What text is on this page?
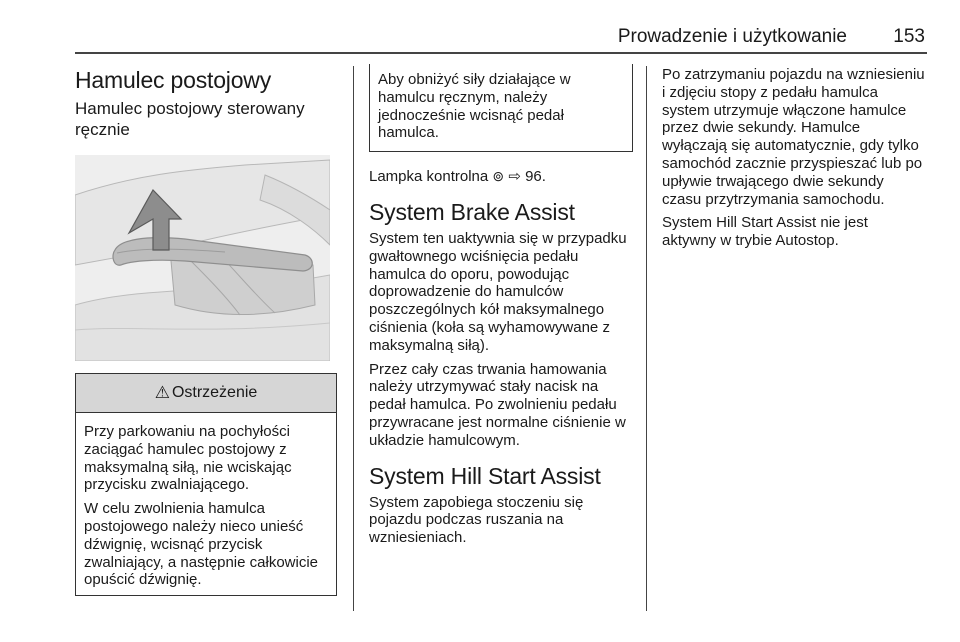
Prowadzenie i użytkowanie 153
Hamulec postojowy
Hamulec postojowy sterowany ręcznie
⚠ Ostrzeżenie

Przy parkowaniu na pochyłości zaciągać hamulec postojowy z maksymalną siłą, nie wciskając przycisku zwalniającego.

W celu zwolnienia hamulca postojowego należy nieco unieść dźwignię, wcisnąć przycisk zwalniający, a następnie całkowicie opuścić dźwignię.

Aby obniżyć siły działające w hamulcu ręcznym, należy jednocześnie wcisnąć pedał hamulca.

Lampka kontrolna ⊚ ⇨ 96.

System Brake Assist

System ten uaktywnia się w przypadku gwałtownego wciśnięcia pedału hamulca do oporu, powodując doprowadzenie do hamulców poszczególnych kół maksymalnego ciśnienia (koła są wyhamowywane z maksymalną siłą).

Przez cały czas trwania hamowania należy utrzymywać stały nacisk na pedał hamulca. Po zwolnieniu pedału przywracane jest normalne ciśnienie w układzie hamulcowym.

System Hill Start Assist

System zapobiega stoczeniu się pojazdu podczas ruszania na wzniesieniach.

Po zatrzymaniu pojazdu na wzniesieniu i zdjęciu stopy z pedału hamulca system utrzymuje włączone hamulce przez dwie sekundy. Hamulce wyłączają się automatycznie, gdy tylko samochód zacznie przyspieszać lub po upływie trwającego dwie sekundy czasu przytrzymania samochodu.

System Hill Start Assist nie jest aktywny w trybie Autostop.
